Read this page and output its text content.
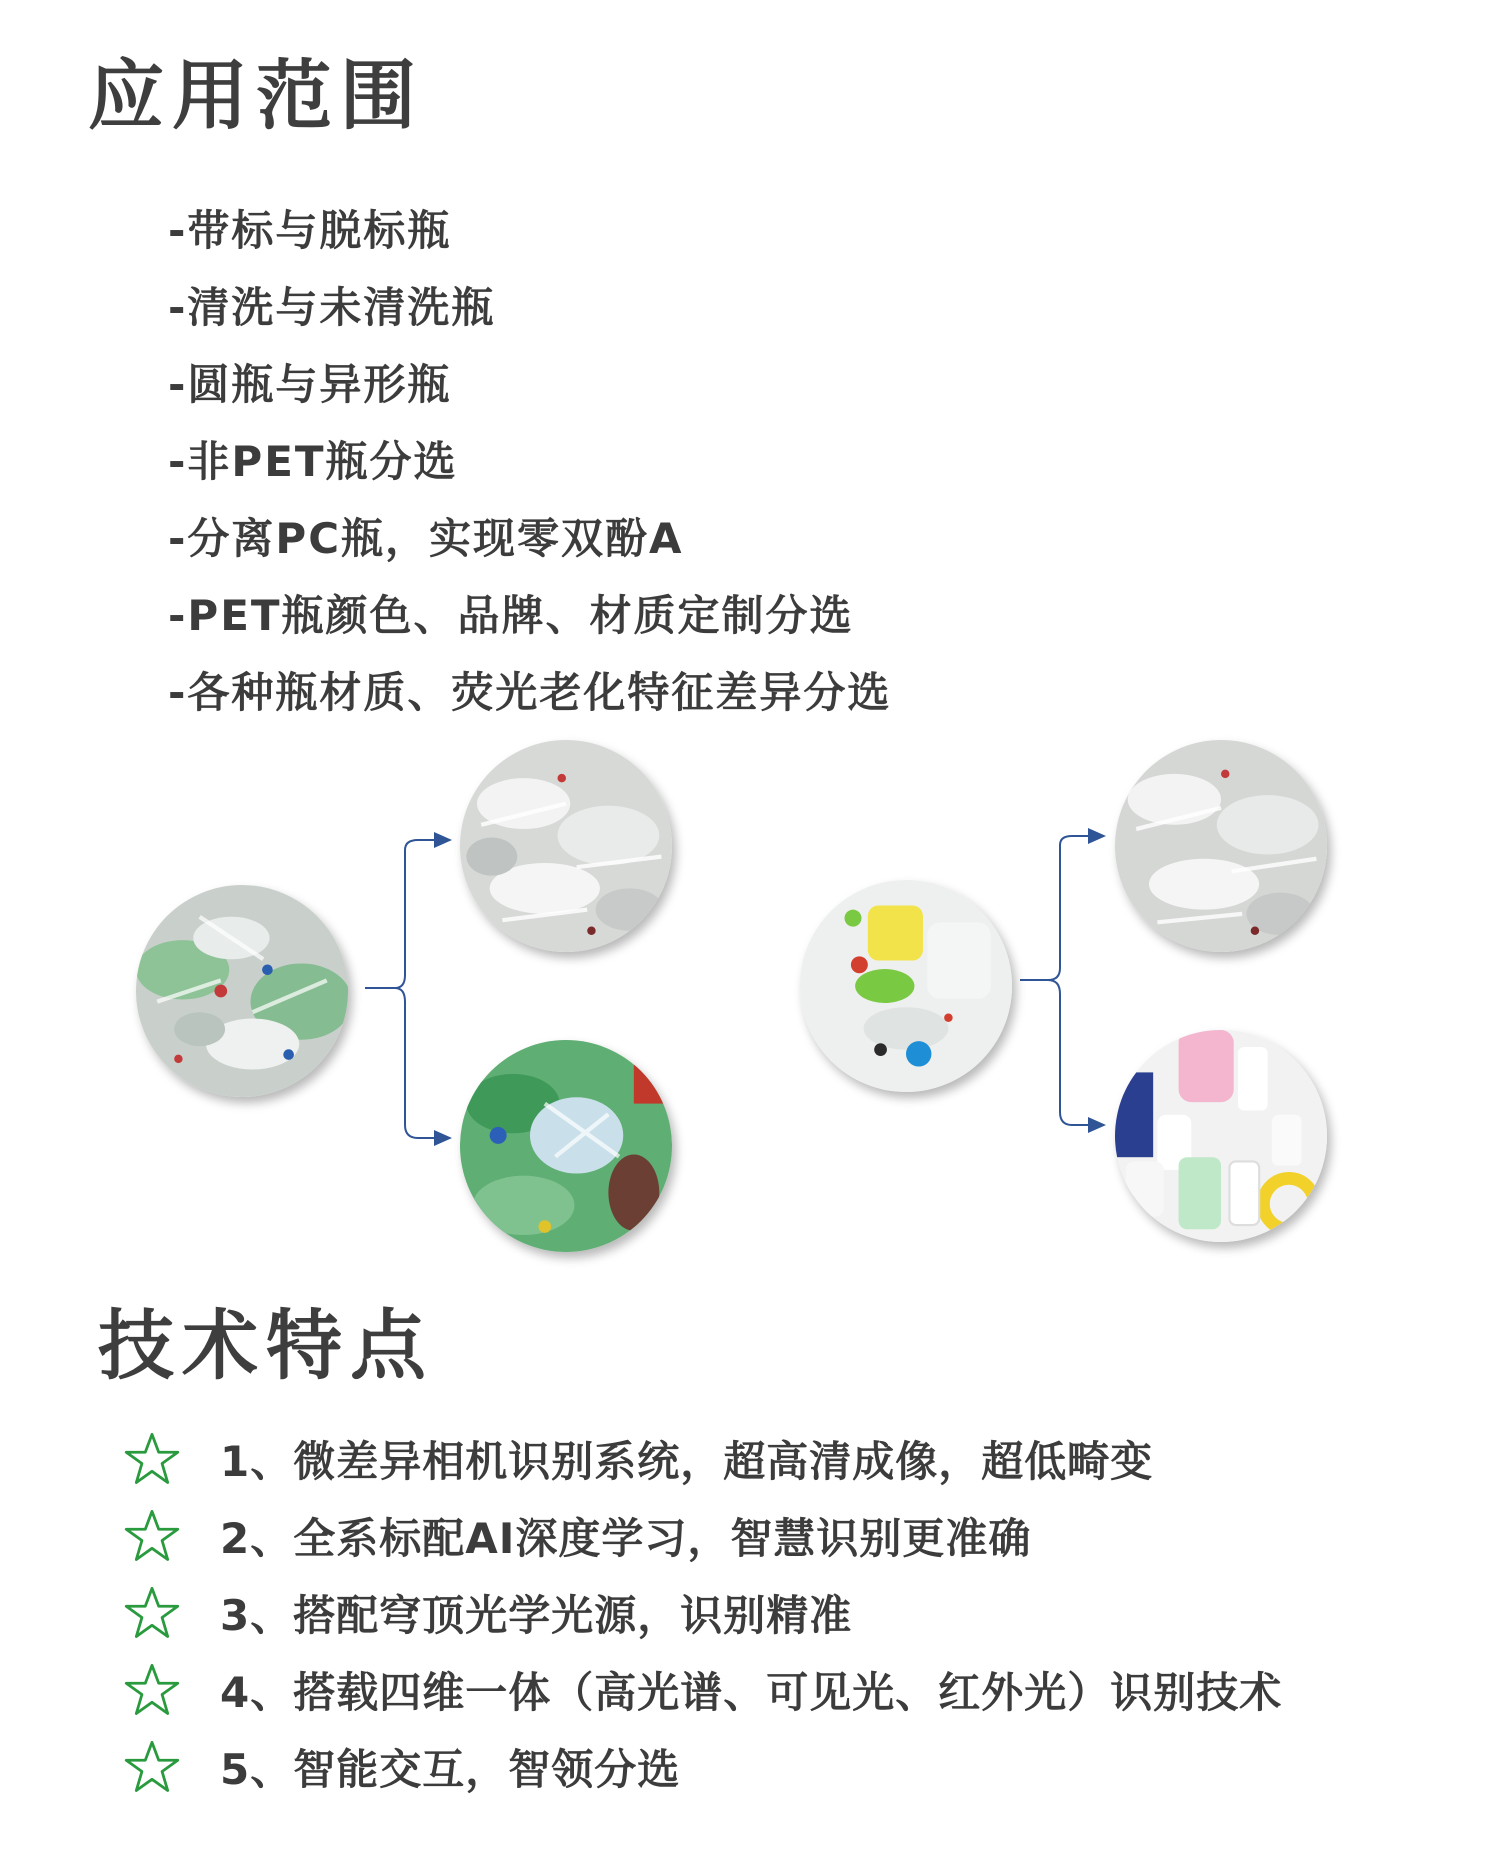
应用范围
-带标与脱标瓶
-清洗与未清洗瓶
-圆瓶与异形瓶
-非PET瓶分选
-分离PC瓶，实现零双酚A
-PET瓶颜色、品牌、材质定制分选
-各种瓶材质、荧光老化特征差异分选
技术特点
1、微差异相机识别系统，超高清成像，超低畸变
2、全系标配AI深度学习，智慧识别更准确
3、搭配穹顶光学光源，识别精准
4、搭载四维一体（高光谱、可见光、红外光）识别技术
5、智能交互，智领分选
